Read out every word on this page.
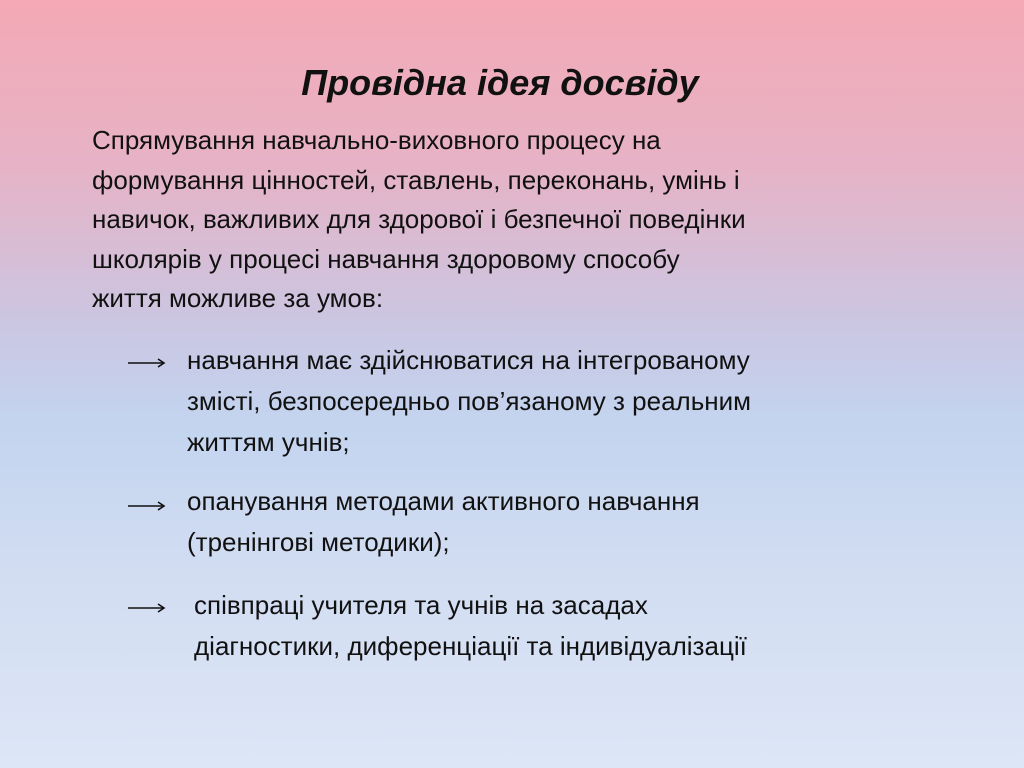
Провідна ідея досвіду
Спрямування навчально-виховного процесу на
формування цінностей, ставлень, переконань, умінь і
навичок, важливих для здорової і безпечної поведінки
школярів у процесі навчання здоровому способу
життя можливе за умов:
навчання має здійснюватися на інтегрованому
змісті, безпосередньо пов’язаному з реальним
життям учнів;
опанування методами активного навчання
(тренінгові методики);
співпраці учителя та учнів на засадах
діагностики, диференціації та індивідуалізації
